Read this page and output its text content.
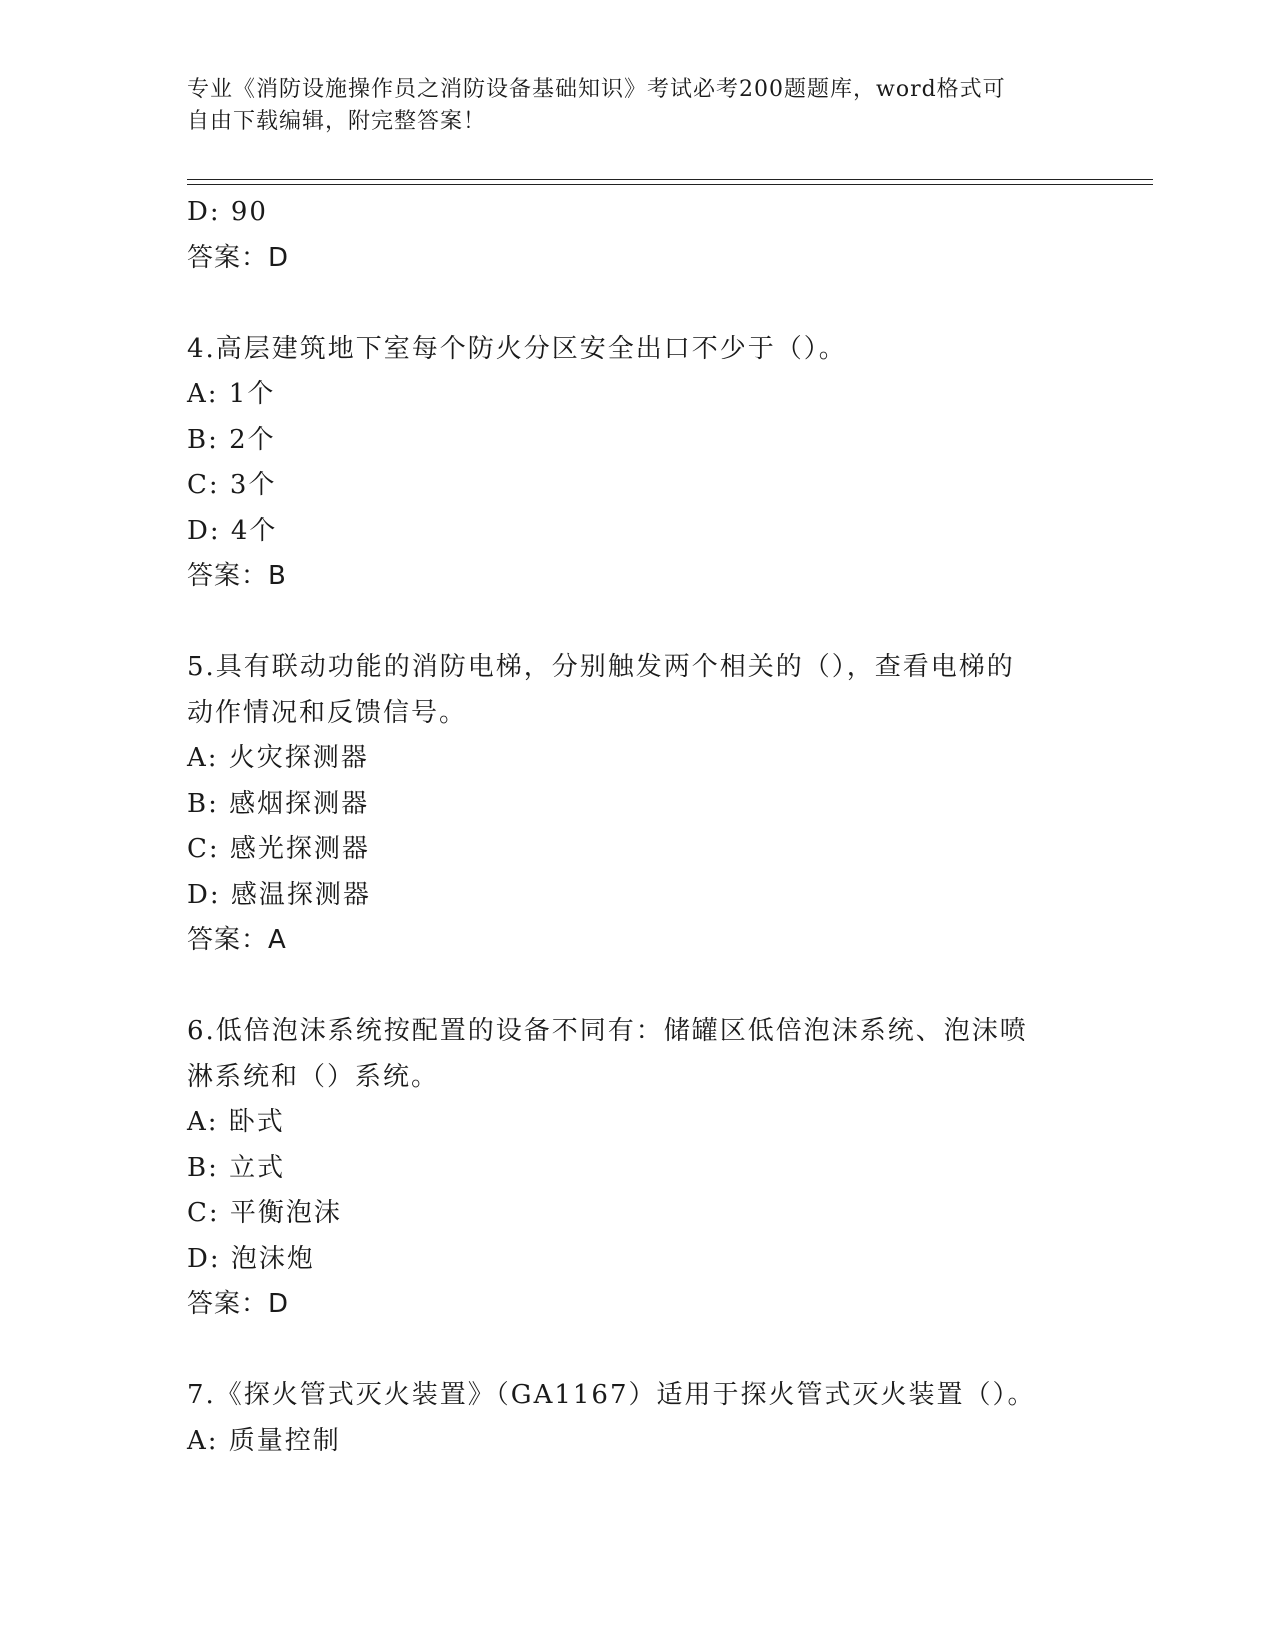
专业《消防设施操作员之消防设备基础知识》考试必考200题题库，word格式可
自由下载编辑，附完整答案！
D: 90
答案：D
4.高层建筑地下室每个防火分区安全出口不少于（）。
A: 1个
B: 2个
C: 3个
D: 4个
答案：B
5.具有联动功能的消防电梯，分别触发两个相关的（），查看电梯的
动作情况和反馈信号。
A: 火灾探测器
B: 感烟探测器
C: 感光探测器
D: 感温探测器
答案：A
6.低倍泡沫系统按配置的设备不同有：储罐区低倍泡沫系统、泡沫喷
淋系统和（）系统。
A: 卧式
B: 立式
C: 平衡泡沫
D: 泡沫炮
答案：D
7.《探火管式灭火装置》（GA1167）适用于探火管式灭火装置（）。
A: 质量控制
